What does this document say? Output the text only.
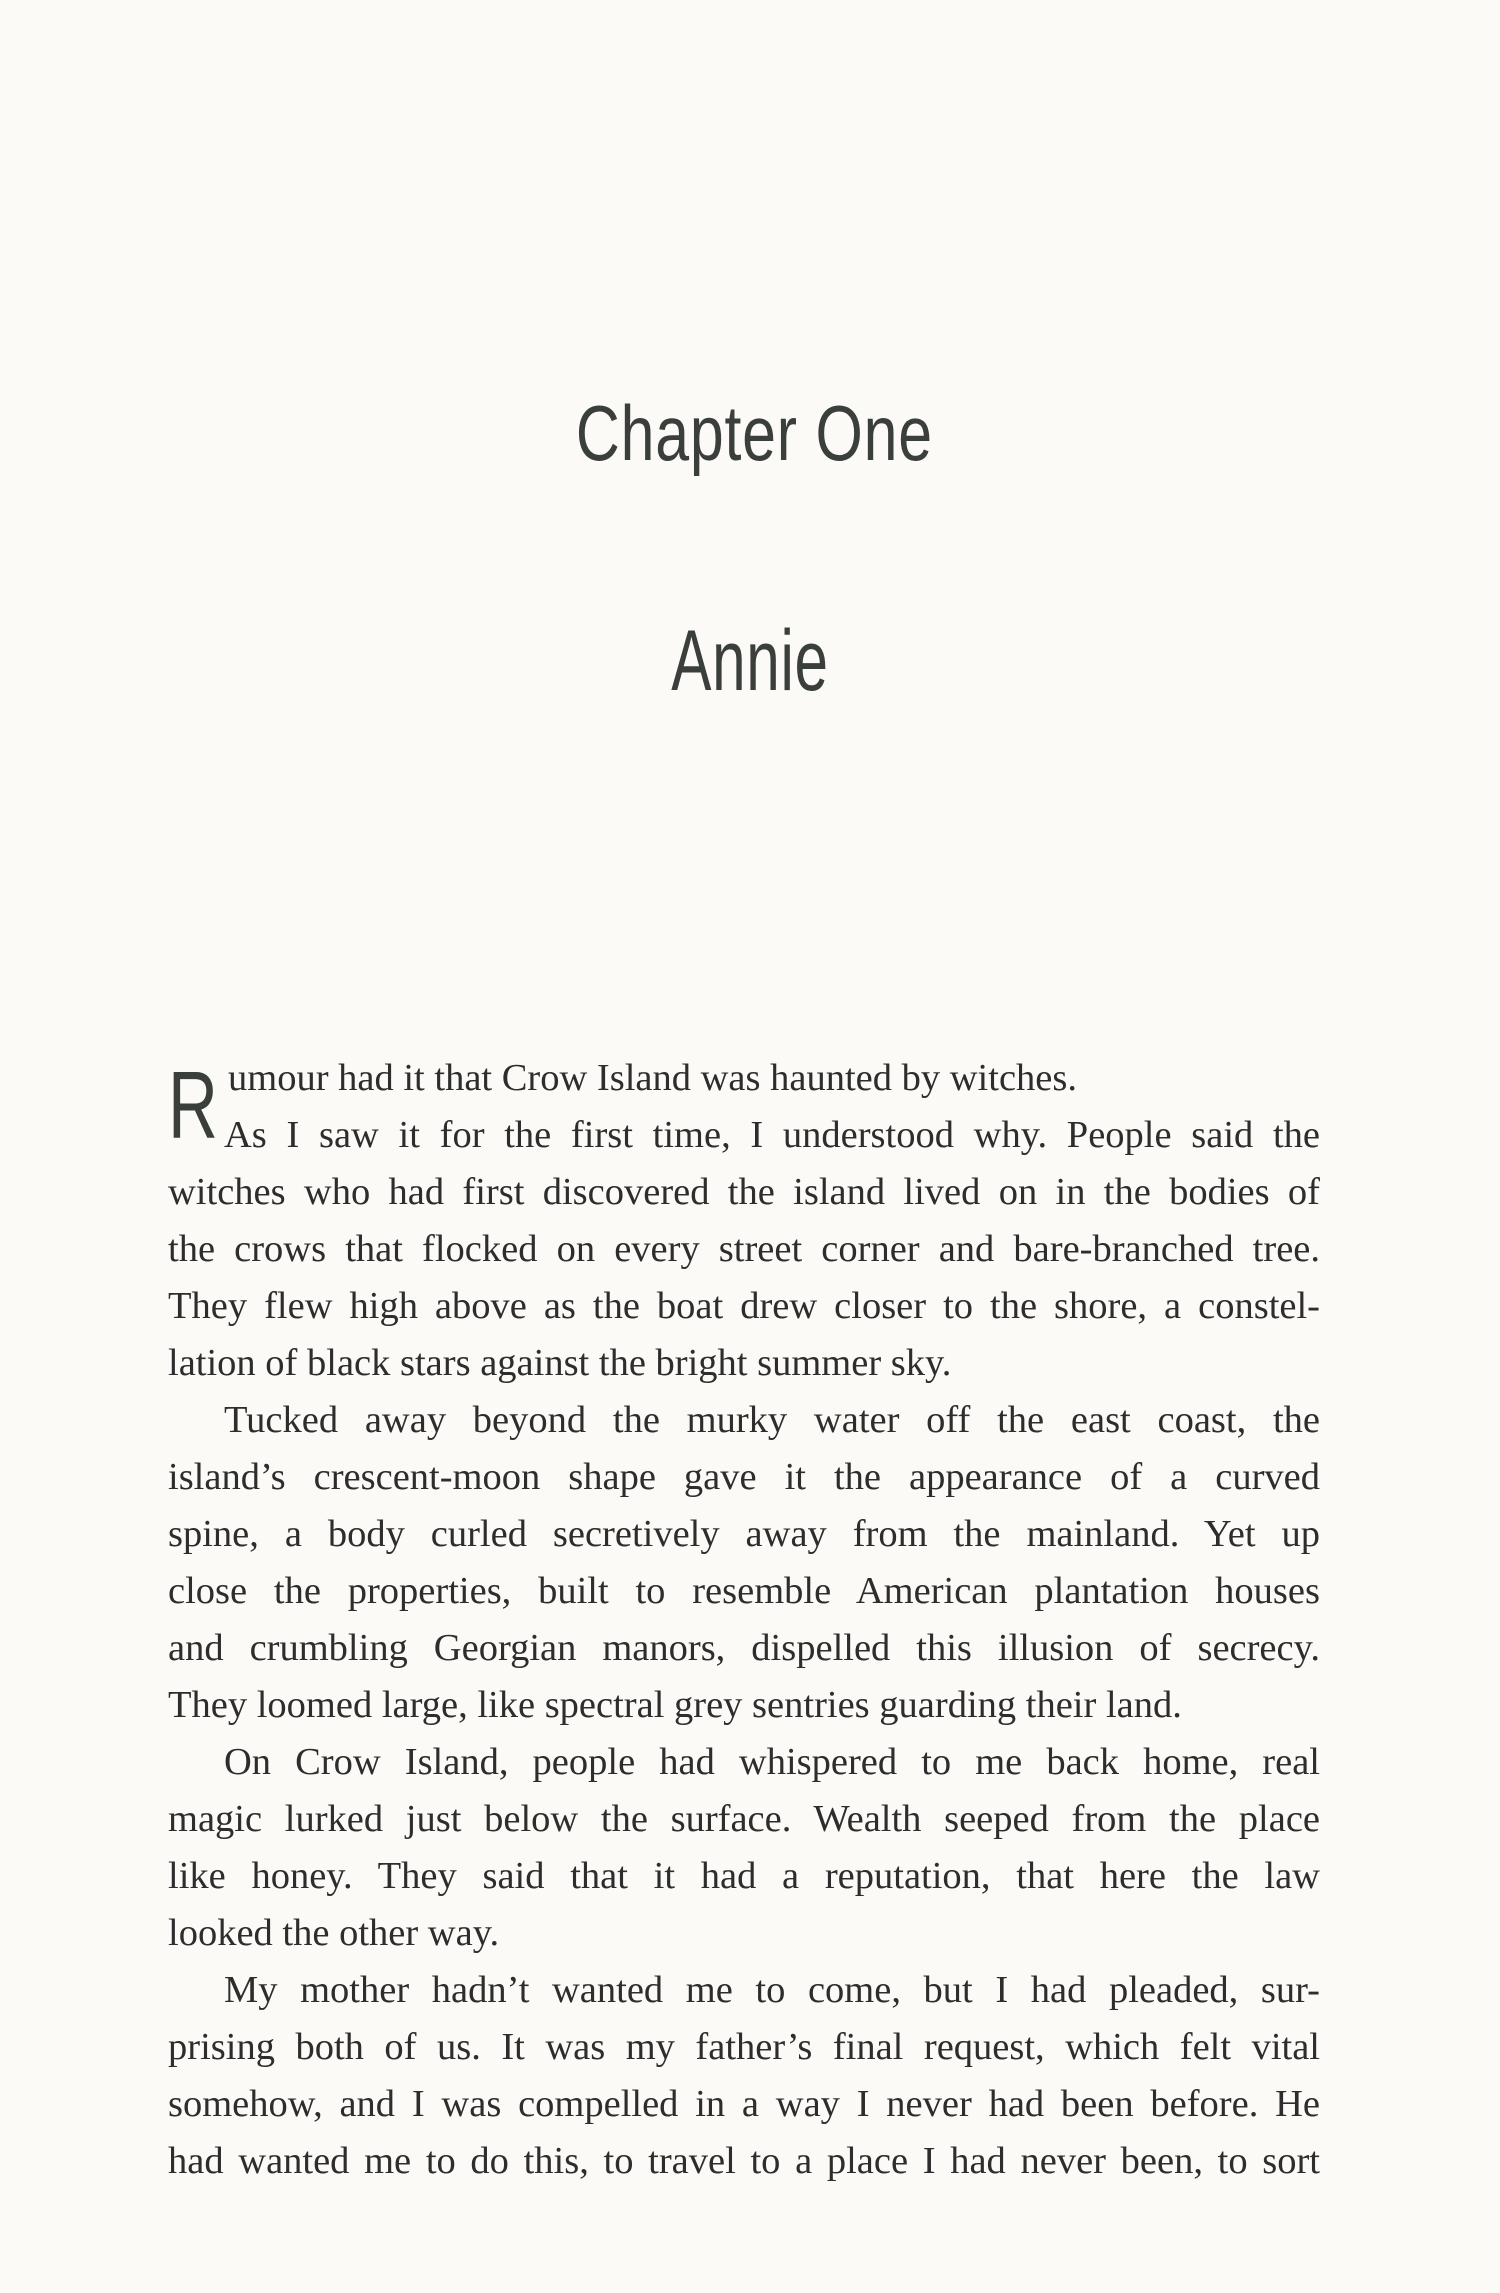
Chapter One
Annie
R umour had it that Crow Island was haunted by witches.
As I saw it for the first time, I understood why. People said the
witches who had first discovered the island lived on in the bodies of
the crows that flocked on every street corner and bare-branched tree.
They flew high above as the boat drew closer to the shore, a constel-
lation of black stars against the bright summer sky.
Tucked away beyond the murky water off the east coast, the
island’s crescent-moon shape gave it the appearance of a curved
spine, a body curled secretively away from the mainland. Yet up
close the properties, built to resemble American plantation houses
and crumbling Georgian manors, dispelled this illusion of secrecy.
They loomed large, like spectral grey sentries guarding their land.
On Crow Island, people had whispered to me back home, real
magic lurked just below the surface. Wealth seeped from the place
like honey. They said that it had a reputation, that here the law
looked the other way.
My mother hadn’t wanted me to come, but I had pleaded, sur-
prising both of us. It was my father’s final request, which felt vital
somehow, and I was compelled in a way I never had been before. He
had wanted me to do this, to travel to a place I had never been, to sort
